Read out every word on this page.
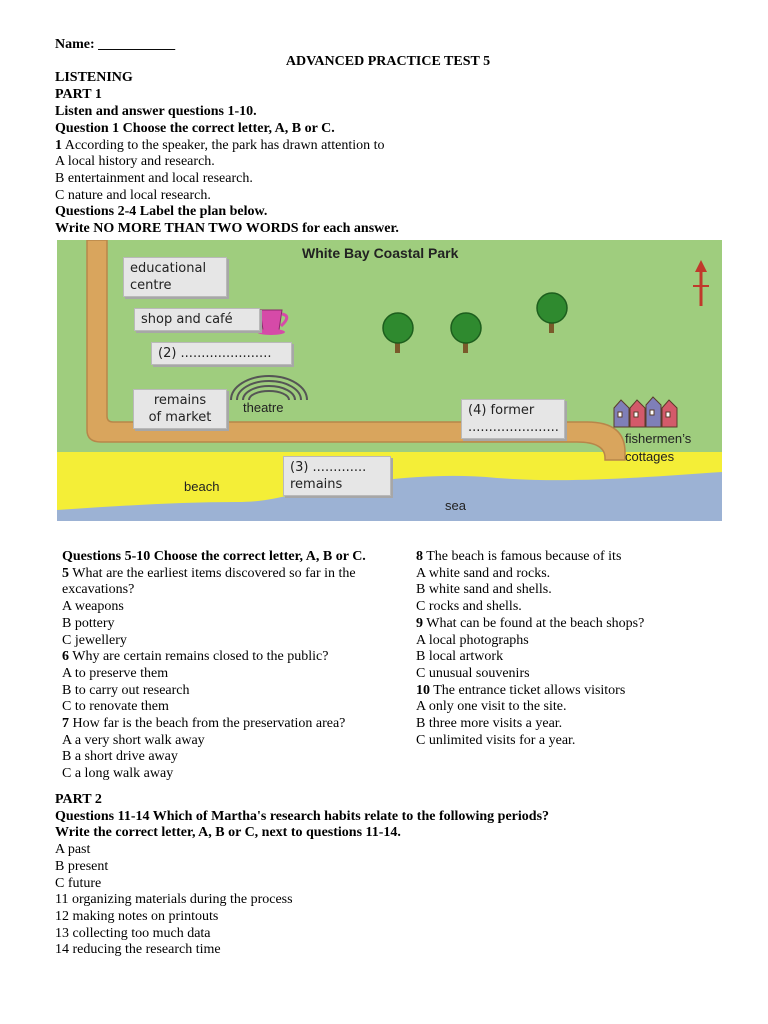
Name: ___________
ADVANCED PRACTICE TEST 5
LISTENING
PART 1
Listen and answer questions 1-10.
Question 1 Choose the correct letter, A, B or C.
1 According to the speaker, the park has drawn attention to
A local history and research.
B entertainment and local research.
C nature and local research.
Questions 2-4 Label the plan below.
Write NO MORE THAN TWO WORDS for each answer.
White Bay Coastal Park
educational
centre
shop and café
(2) ......................
remains
of market
theatre	(4) former
......................
fishermen’s
cottages
(3) .............
remains
beach
sea
Questions 5-10 Choose the correct letter, A, B or C.
5 What are the earliest items discovered so far in the
excavations?
A weapons
B pottery
C jewellery
6 Why are certain remains closed to the public?
A to preserve them
B to carry out research
C to renovate them
7 How far is the beach from the preservation area?
A a very short walk away
B a short drive away
C a long walk away
8 The beach is famous because of its
A white sand and rocks.
B white sand and shells.
C rocks and shells.
9 What can be found at the beach shops?
A local photographs
B local artwork
C unusual souvenirs
10 The entrance ticket allows visitors
A only one visit to the site.
B three more visits a year.
C unlimited visits for a year.
PART 2
Questions 11-14 Which of Martha's research habits relate to the following periods?
Write the correct letter, A, B or C, next to questions 11-14.
A past
B present
C future
11 organizing materials during the process
12 making notes on printouts
13 collecting too much data
14 reducing the research time
